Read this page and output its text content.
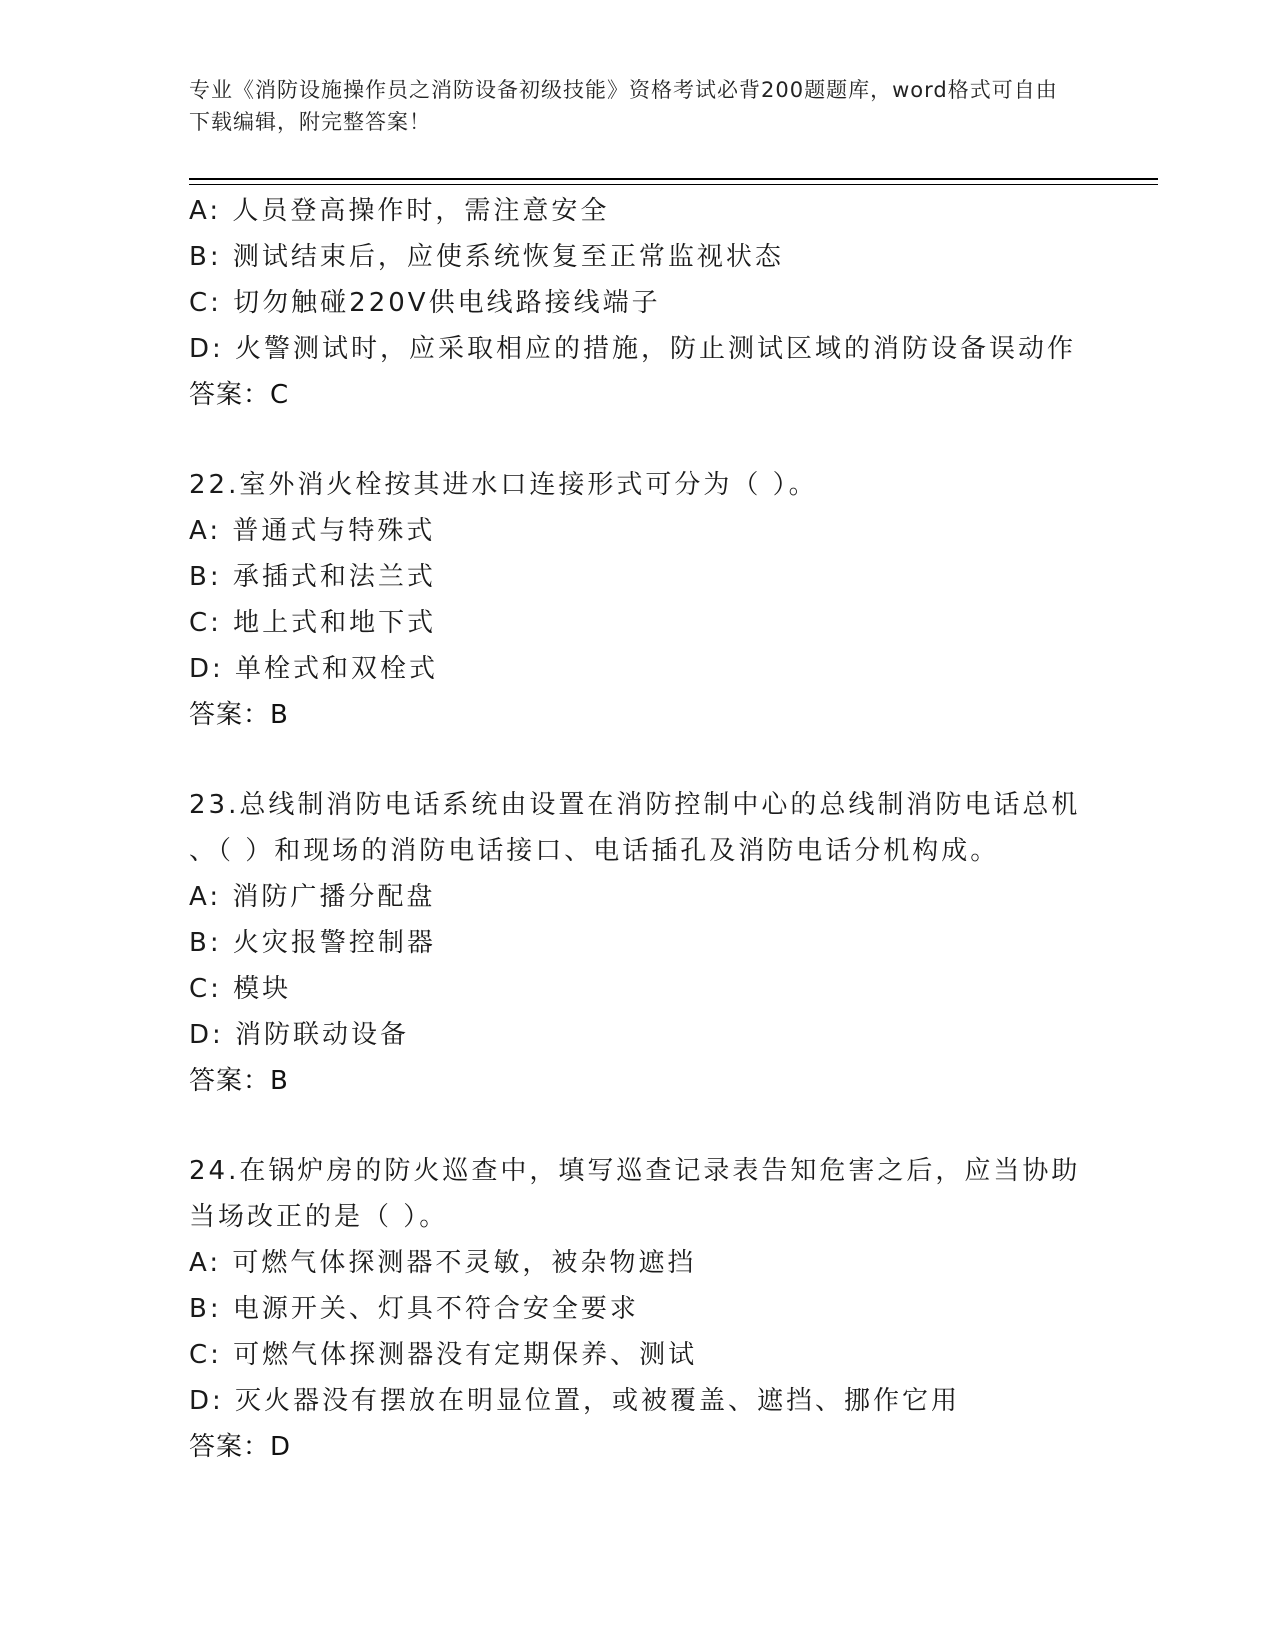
专业《消防设施操作员之消防设备初级技能》资格考试必背200题题库，word格式可自由下载编辑，附完整答案！
A: 人员登高操作时，需注意安全
B: 测试结束后，应使系统恢复至正常监视状态
C: 切勿触碰220V供电线路接线端子
D: 火警测试时，应采取相应的措施，防止测试区域的消防设备误动作
答案：C
22.室外消火栓按其进水口连接形式可分为（ ）。
A: 普通式与特殊式
B: 承插式和法兰式
C: 地上式和地下式
D: 单栓式和双栓式
答案：B
23.总线制消防电话系统由设置在消防控制中心的总线制消防电话总机
、（ ）和现场的消防电话接口、电话插孔及消防电话分机构成。
A: 消防广播分配盘
B: 火灾报警控制器
C: 模块
D: 消防联动设备
答案：B
24.在锅炉房的防火巡查中，填写巡查记录表告知危害之后，应当协助
当场改正的是（ ）。
A: 可燃气体探测器不灵敏，被杂物遮挡
B: 电源开关、灯具不符合安全要求
C: 可燃气体探测器没有定期保养、测试
D: 灭火器没有摆放在明显位置，或被覆盖、遮挡、挪作它用
答案：D
